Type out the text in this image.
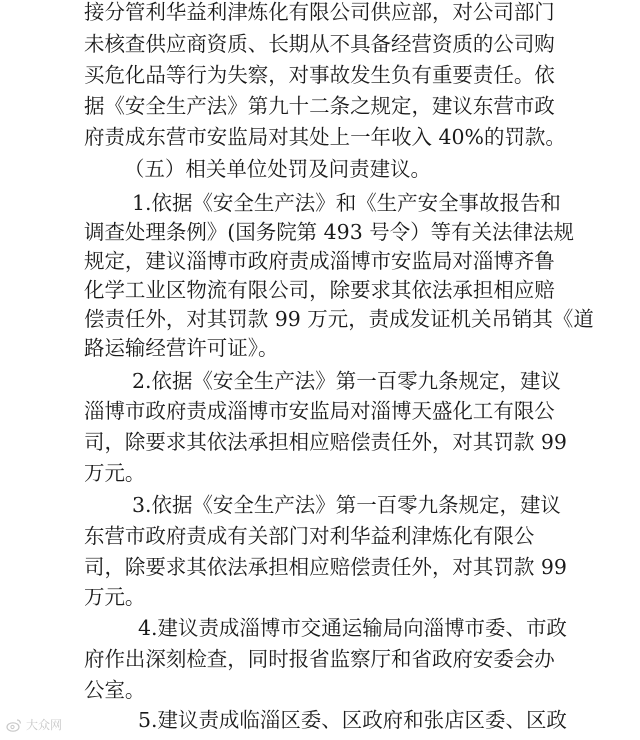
接分管利华益利津炼化有限公司供应部，对公司部门
未核查供应商资质、长期从不具备经营资质的公司购
买危化品等行为失察，对事故发生负有重要责任。依
据《安全生产法》第九十二条之规定，建议东营市政
府责成东营市安监局对其处上一年收入 40%的罚款。
（五）相关单位处罚及问责建议。
1.依据《安全生产法》和《生产安全事故报告和
调查处理条例》(国务院第 493 号令）等有关法律法规
规定，建议淄博市政府责成淄博市安监局对淄博齐鲁
化学工业区物流有限公司，除要求其依法承担相应赔
偿责任外，对其罚款 99 万元，责成发证机关吊销其《道
路运输经营许可证》。
2.依据《安全生产法》第一百零九条规定，建议
淄博市政府责成淄博市安监局对淄博天盛化工有限公
司，除要求其依法承担相应赔偿责任外，对其罚款 99
万元。
3.依据《安全生产法》第一百零九条规定，建议
东营市政府责成有关部门对利华益利津炼化有限公
司，除要求其依法承担相应赔偿责任外，对其罚款 99
万元。
4.建议责成淄博市交通运输局向淄博市委、市政
府作出深刻检查，同时报省监察厅和省政府安委会办
公室。
5.建议责成临淄区委、区政府和张店区委、区政
大众网
